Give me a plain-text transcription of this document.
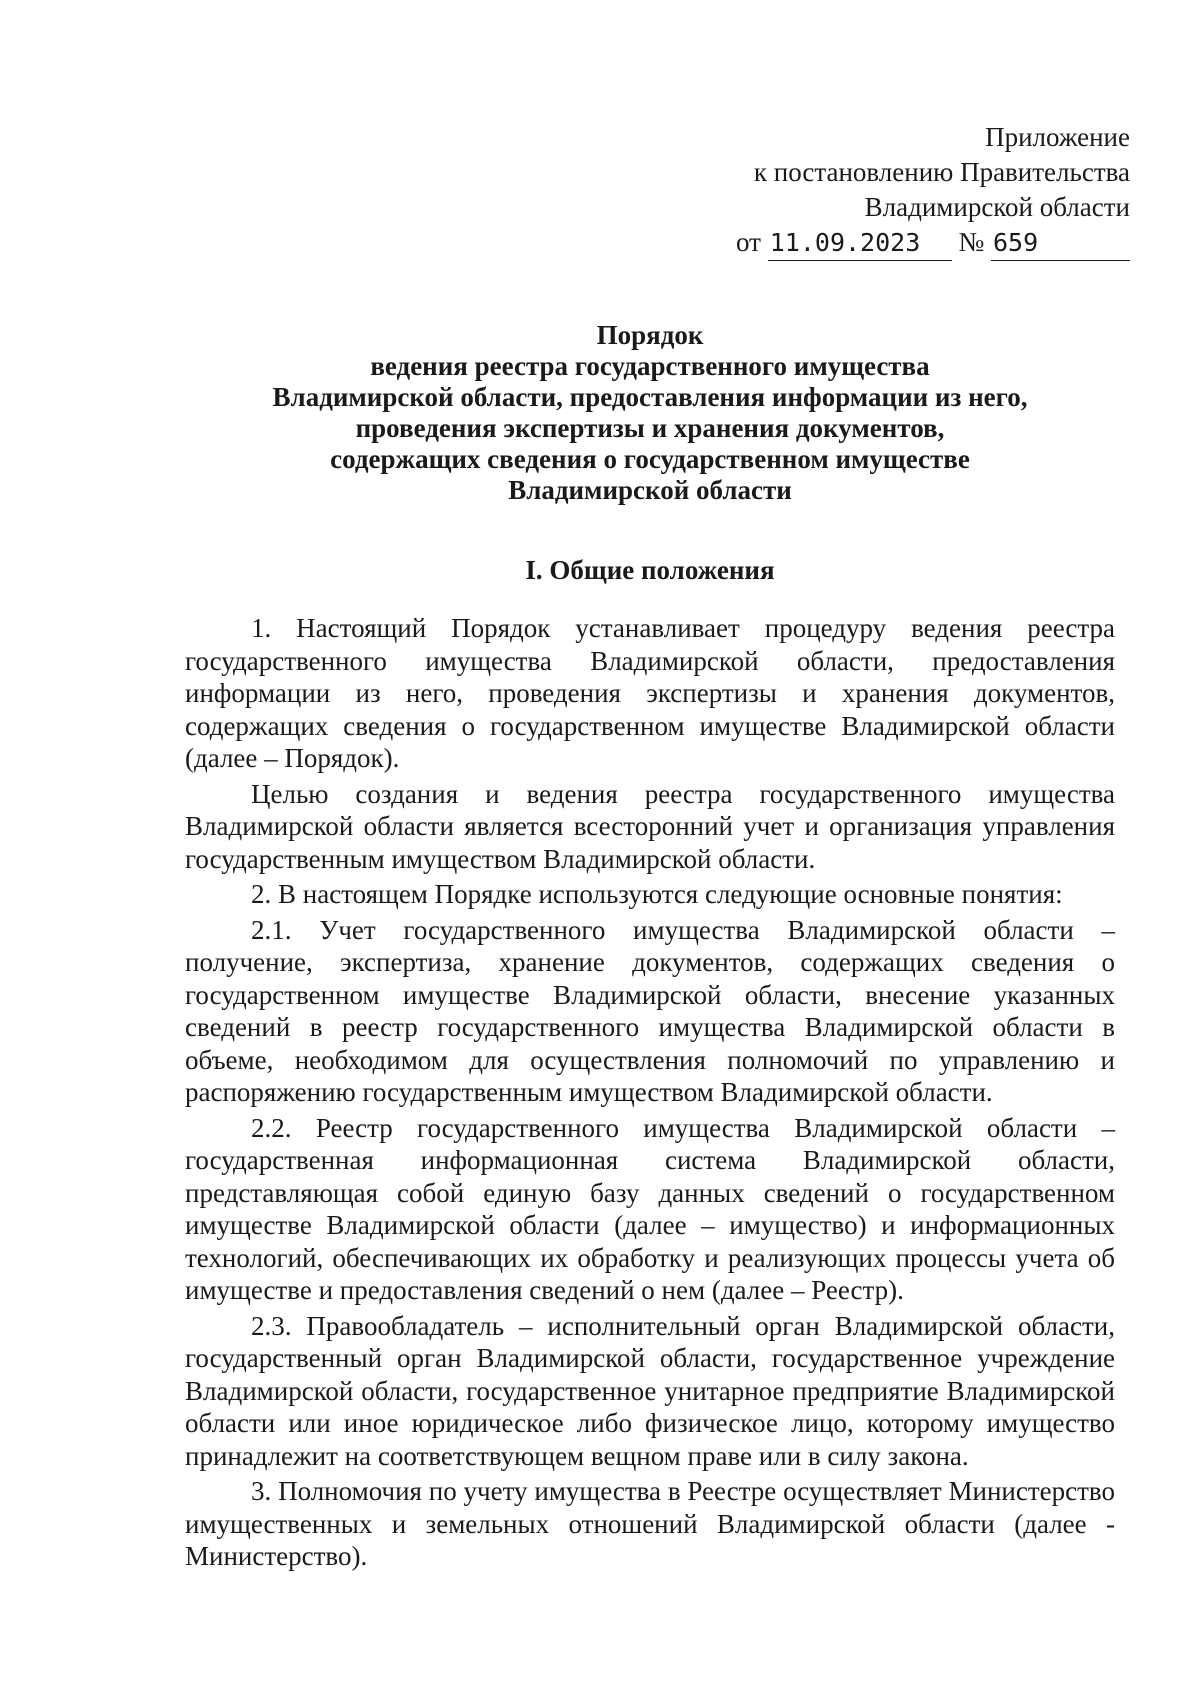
Приложение
к постановлению Правительства
Владимирской области
от 11.09.2023 № 659
Порядок
ведения реестра государственного имущества
Владимирской области, предоставления информации из него,
проведения экспертизы и хранения документов,
содержащих сведения о государственном имуществе
Владимирской области
I. Общие положения

1. Настоящий Порядок устанавливает процедуру ведения реестра государственного имущества Владимирской области, предоставления информации из него, проведения экспертизы и хранения документов, содержащих сведения о государственном имуществе Владимирской области (далее – Порядок).

Целью создания и ведения реестра государственного имущества Владимирской области является всесторонний учет и организация управления государственным имуществом Владимирской области.

2. В настоящем Порядке используются следующие основные понятия:

2.1. Учет государственного имущества Владимирской области – получение, экспертиза, хранение документов, содержащих сведения о государственном имуществе Владимирской области, внесение указанных сведений в реестр государственного имущества Владимирской области в объеме, необходимом для осуществления полномочий по управлению и распоряжению государственным имуществом Владимирской области.

2.2. Реестр государственного имущества Владимирской области – государственная информационная система Владимирской области, представляющая собой единую базу данных сведений о государственном имуществе Владимирской области (далее – имущество) и информационных технологий, обеспечивающих их обработку и реализующих процессы учета об имуществе и предоставления сведений о нем (далее – Реестр).

2.3. Правообладатель – исполнительный орган Владимирской области, государственный орган Владимирской области, государственное учреждение Владимирской области, государственное унитарное предприятие Владимирской области или иное юридическое либо физическое лицо, которому имущество принадлежит на соответствующем вещном праве или в силу закона.

3. Полномочия по учету имущества в Реестре осуществляет Министерство имущественных и земельных отношений Владимирской области (далее - Министерство).
